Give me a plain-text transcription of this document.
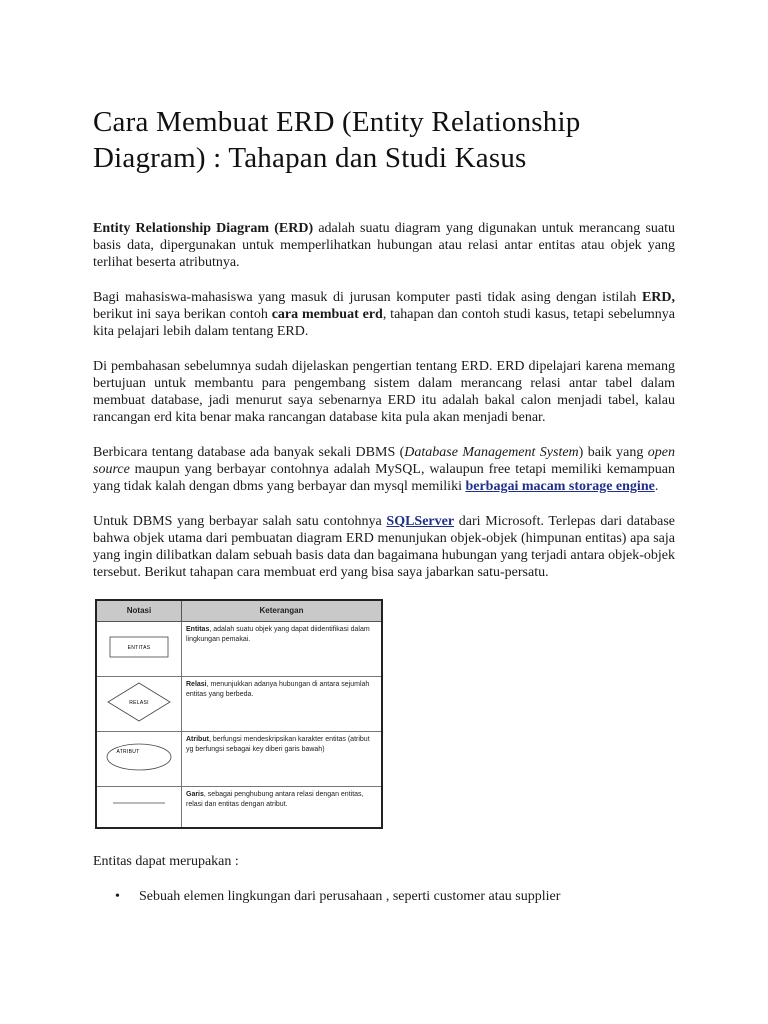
Cara Membuat ERD (Entity Relationship Diagram) : Tahapan dan Studi Kasus

Entity Relationship Diagram (ERD) adalah suatu diagram yang digunakan untuk merancang suatu basis data, dipergunakan untuk memperlihatkan hubungan atau relasi antar entitas atau objek yang terlihat beserta atributnya.

Bagi mahasiswa-mahasiswa yang masuk di jurusan komputer pasti tidak asing dengan istilah ERD, berikut ini saya berikan contoh cara membuat erd, tahapan dan contoh studi kasus, tetapi sebelumnya kita pelajari lebih dalam tentang ERD.

Di pembahasan sebelumnya sudah dijelaskan pengertian tentang ERD. ERD dipelajari karena memang bertujuan untuk membantu para pengembang sistem dalam merancang relasi antar tabel dalam membuat database, jadi menurut saya sebenarnya ERD itu adalah bakal calon menjadi tabel, kalau rancangan erd kita benar maka rancangan database kita pula akan menjadi benar.

Berbicara tentang database ada banyak sekali DBMS (Database Management System) baik yang open source maupun yang berbayar contohnya adalah MySQL, walaupun free tetapi memiliki kemampuan yang tidak kalah dengan dbms yang berbayar dan mysql memiliki berbagai macam storage engine.

Untuk DBMS yang berbayar salah satu contohnya SQLServer dari Microsoft. Terlepas dari database bahwa objek utama dari pembuatan diagram ERD menunjukan objek-objek (himpunan entitas) apa saja yang ingin dilibatkan dalam sebuah basis data dan bagaimana hubungan yang terjadi antara objek-objek tersebut. Berikut tahapan cara membuat erd yang bisa saya jabarkan satu-persatu.

Notasi	Keterangan

ENTITAS	Entitas, adalah suatu objek yang dapat diidentifikasi dalam lingkungan pemakai.

RELASI	Relasi, menunjukkan adanya hubungan di antara sejumlah entitas yang berbeda.

ATRIBUT	Atribut, berfungsi mendeskripsikan karakter entitas (atribut yg berfungsi sebagai key diberi garis bawah)
	Garis, sebagai penghubung antara relasi dengan entitas, relasi dan entitas dengan atribut.

Entitas dapat merupakan :

• Sebuah elemen lingkungan dari perusahaan , seperti customer atau supplier
